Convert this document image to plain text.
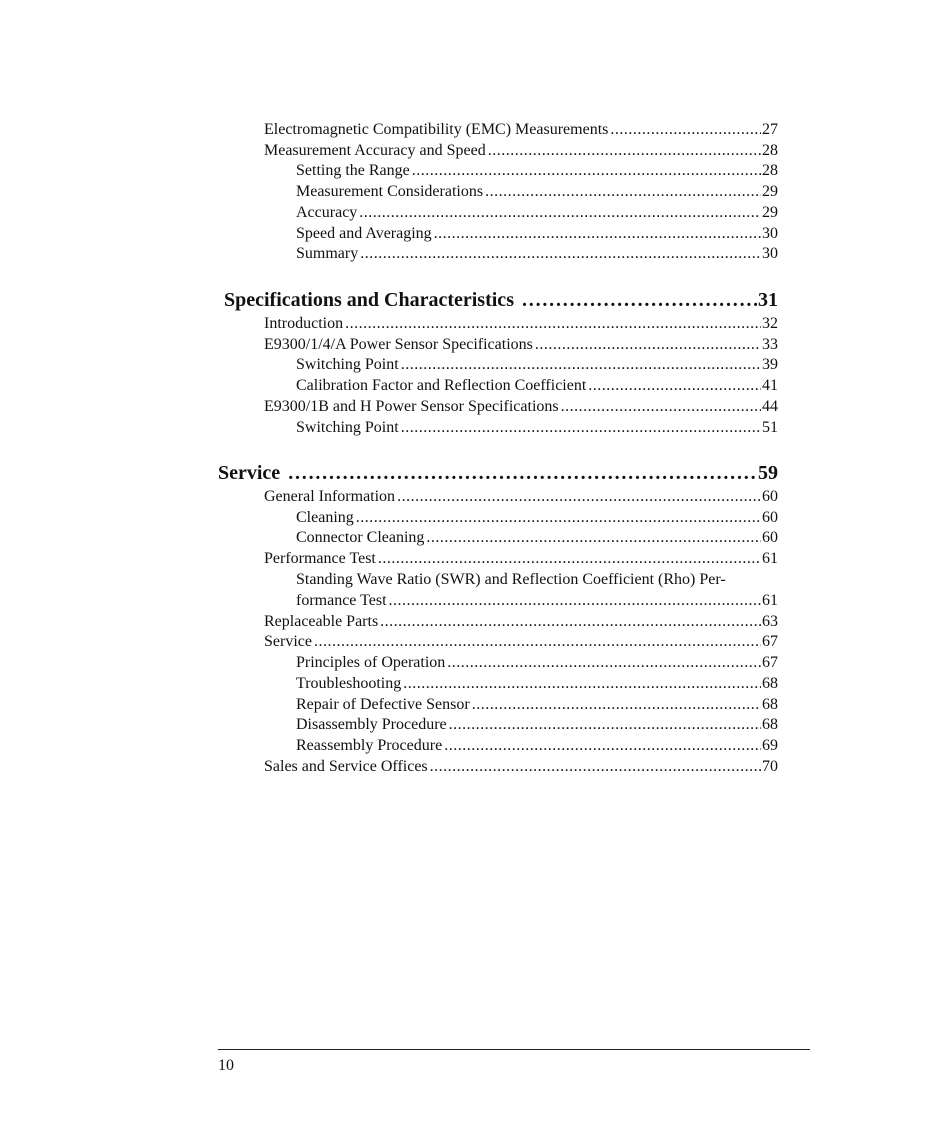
Electromagnetic Compatibility (EMC) Measurements .....	27
Measurement Accuracy and Speed .....	28
Setting the Range .....	28
Measurement Considerations .....	29
Accuracy .....	29
Speed and Averaging .....	30
Summary .....	30
Specifications and Characteristics .....	31
Introduction .....	32
E9300/1/4/A Power Sensor Specifications .....	33
Switching Point .....	39
Calibration Factor and Reflection Coefficient .....	41
E9300/1B and H Power Sensor Specifications .....	44
Switching Point .....	51
Service .....	59
General Information .....	60
Cleaning .....	60
Connector Cleaning .....	60
Performance Test .....	61
Standing Wave Ratio (SWR) and Reflection Coefficient (Rho) Per-
formance Test .....	61
Replaceable Parts .....	63
Service .....	67
Principles of Operation .....	67
Troubleshooting .....	68
Repair of Defective Sensor .....	68
Disassembly Procedure .....	68
Reassembly Procedure .....	69
Sales and Service Offices .....	70
10
